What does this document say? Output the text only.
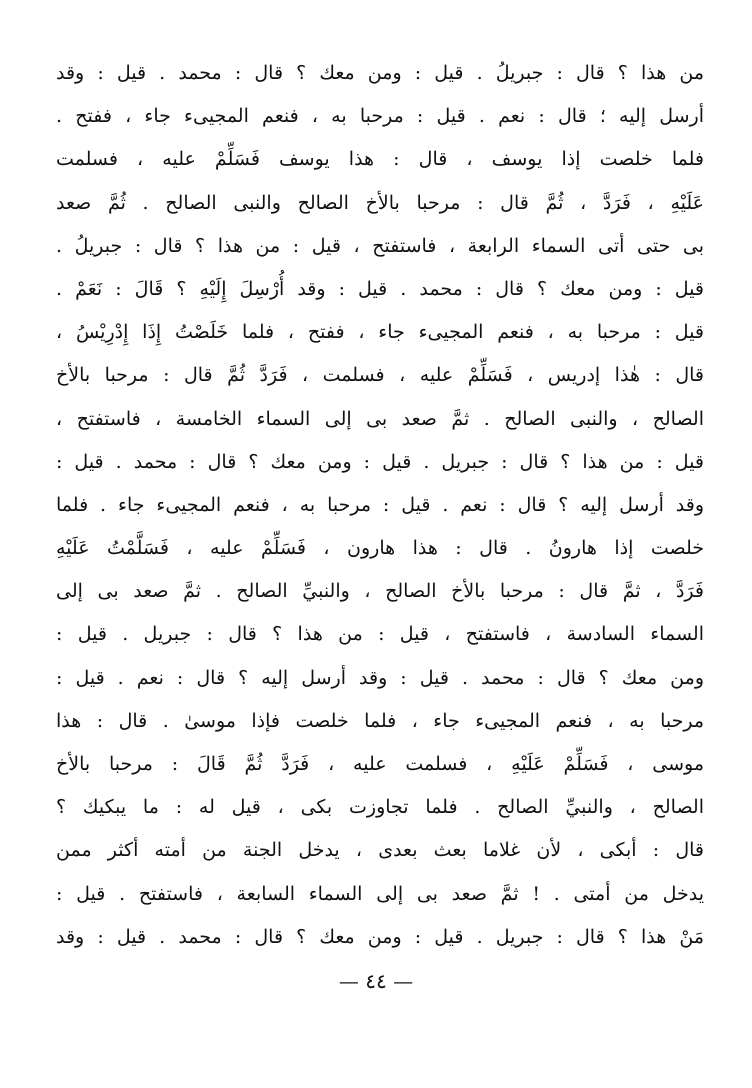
من هذا ؟ قال : جبريلُ . قيل : ومن معك ؟ قال : محمد . قيل : وقد
أرسل إليه ؛ قال : نعم . قيل : مرحبا به ، فنعم المجيىء جاء ، ففتح .
فلما خلصت إذا يوسف ، قال : هذا يوسف فَسَلِّمْ عليه ، فسلمت
عَلَيْهِ ، فَرَدَّ ، ثُمَّ قال : مرحبا بالأخ الصالح والنبى الصالح . ثُمَّ صعد
بى حتى أتى السماء الرابعة ، فاستفتح ، قيل : من هذا ؟ قال : جبريلُ .
قيل : ومن معك ؟ قال : محمد . قيل : وقد أُرْسِلَ إِلَيْهِ ؟ قَالَ : نَعَمْ .
قيل : مرحبا به ، فنعم المجيىء جاء ، ففتح ، فلما خَلَصْتُ إِذَا إِدْرِيْسُ ،
قال : هٰذا إدريس ، فَسَلِّمْ عليه ، فسلمت ، فَرَدَّ ثُمَّ قال : مرحبا بالأخ
الصالح ، والنبى الصالح . ثمَّ صعد بى إلى السماء الخامسة ، فاستفتح ،
قيل : من هذا ؟ قال : جبريل . قيل : ومن معك ؟ قال : محمد . قيل :
وقد أرسل إليه ؟ قال : نعم . قيل : مرحبا به ، فنعم المجيىء جاء . فلما
خلصت إذا هارونُ . قال : هذا هارون ، فَسَلِّمْ عليه ، فَسَلَّمْتُ عَلَيْهِ
فَرَدَّ ، ثمَّ قال : مرحبا بالأخ الصالح ، والنبيِّ الصالح . ثمَّ صعد بى إلى
السماء السادسة ، فاستفتح ، قيل : من هذا ؟ قال : جبريل . قيل :
ومن معك ؟ قال : محمد . قيل : وقد أرسل إليه ؟ قال : نعم . قيل :
مرحبا به ، فنعم المجيىء جاء ، فلما خلصت فإذا موسىٰ . قال : هذا
موسى ، فَسَلِّمْ عَلَيْهِ ، فسلمت عليه ، فَرَدَّ ثُمَّ قَالَ : مرحبا بالأخ
الصالح ، والنبيِّ الصالح . فلما تجاوزت بكى ، قيل له : ما يبكيك ؟
قال : أبكى ، لأن غلاما بعث بعدى ، يدخل الجنة من أمته أكثر ممن
يدخل من أمتى . ! ثمَّ صعد بى إلى السماء السابعة ، فاستفتح . قيل :
مَنْ هذا ؟ قال : جبريل . قيل : ومن معك ؟ قال : محمد . قيل : وقد
— ٤٤ —
